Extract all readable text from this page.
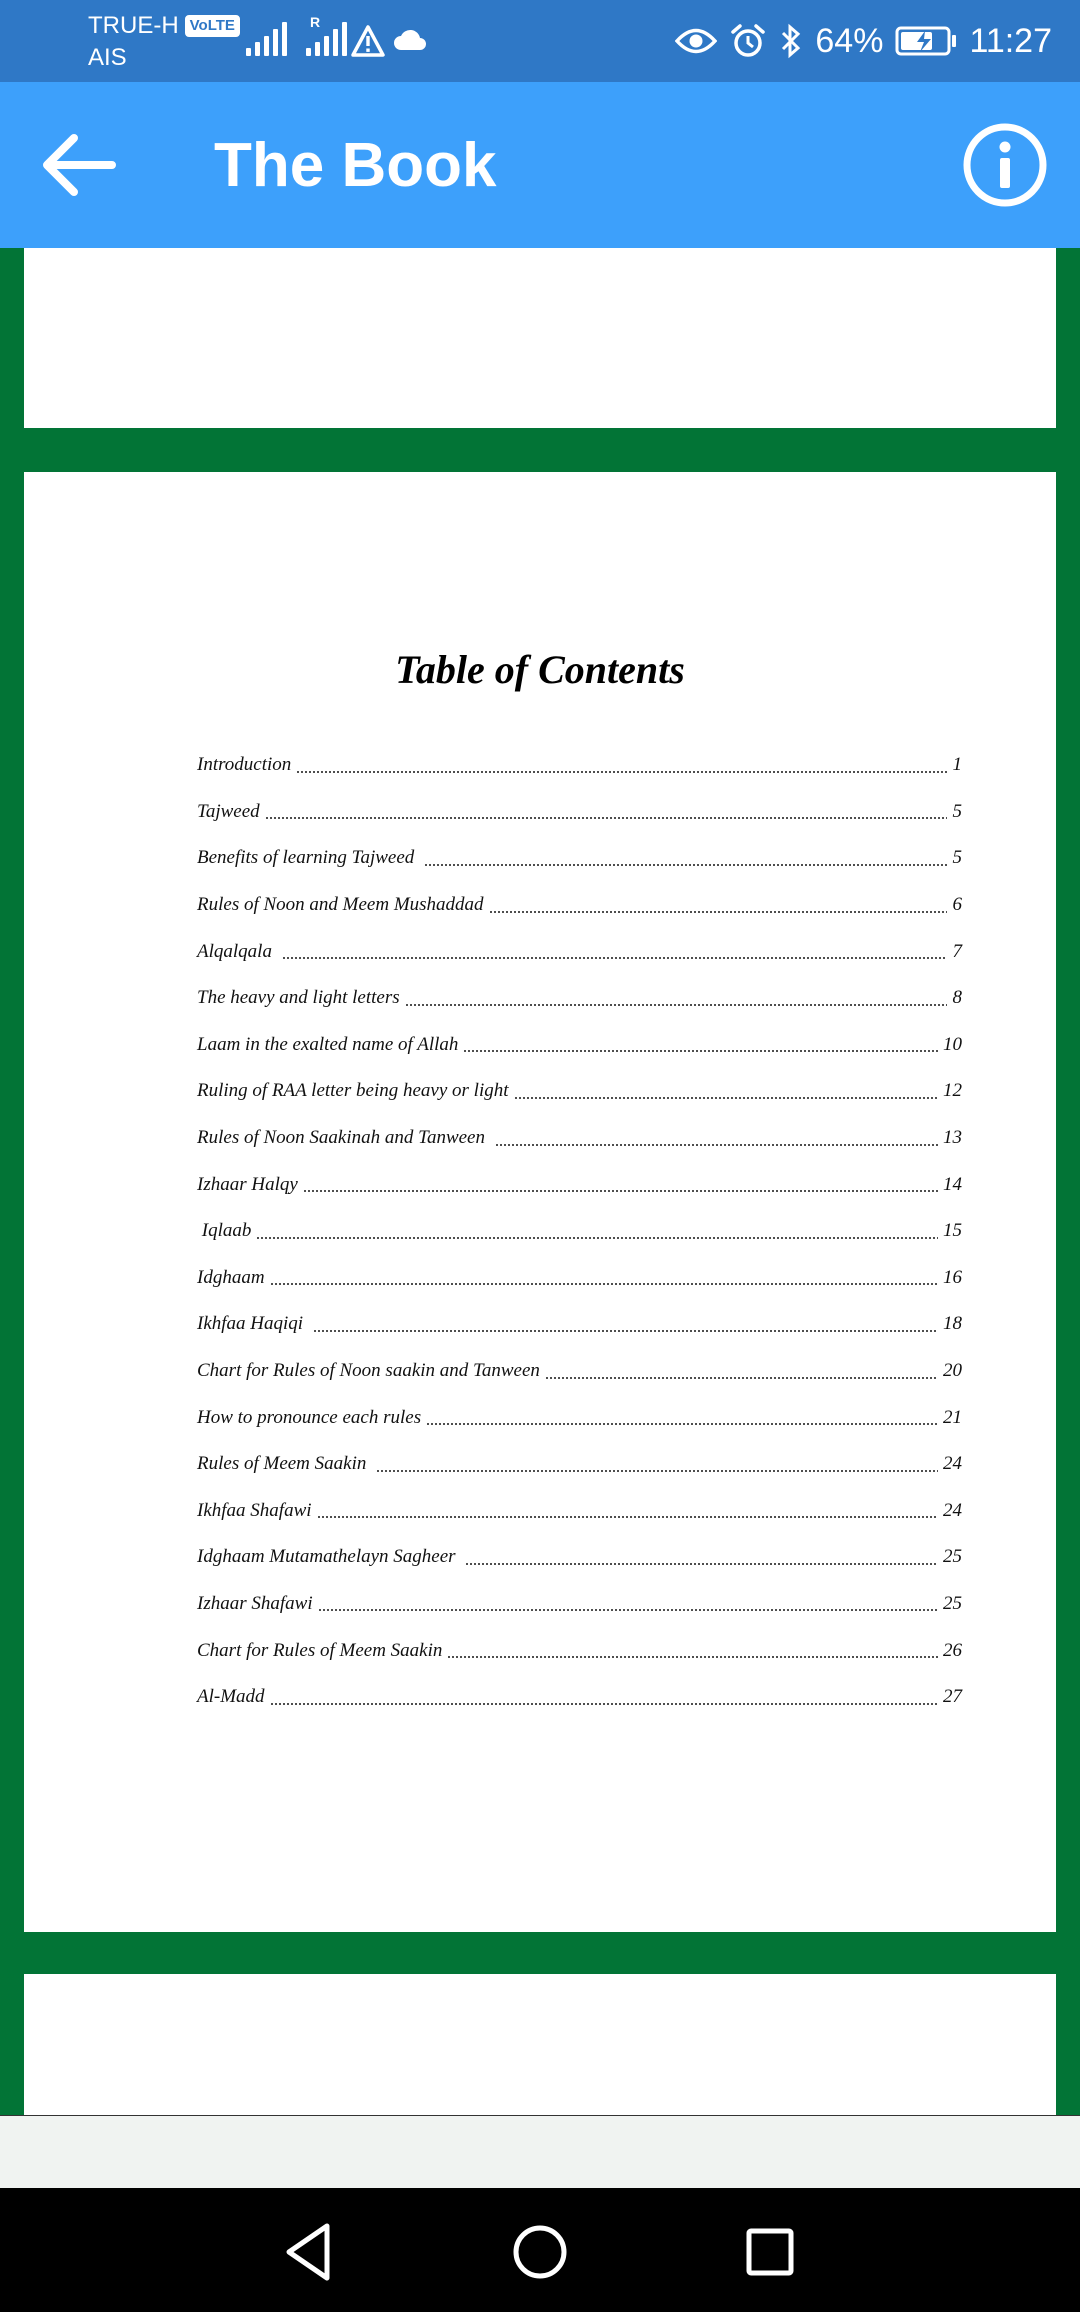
TRUE-H VoLTE
AIS
R	64%	11:27
The Book
Table of Contents
Introduction	1
Tajweed	5
Benefits of learning Tajweed	5
Rules of Noon and Meem Mushaddad	6
Alqalqala	7
The heavy and light letters	8
Laam in the exalted name of Allah	10
Ruling of RAA letter being heavy or light	12
Rules of Noon Saakinah and Tanween	13
Izhaar Halqy	14
Iqlaab	15
Idghaam	16
Ikhfaa Haqiqi	18
Chart for Rules of Noon saakin and Tanween	20
How to pronounce each rules	21
Rules of Meem Saakin	24
Ikhfaa Shafawi	24
Idghaam Mutamathelayn Sagheer	25
Izhaar Shafawi	25
Chart for Rules of Meem Saakin	26
Al-Madd	27
